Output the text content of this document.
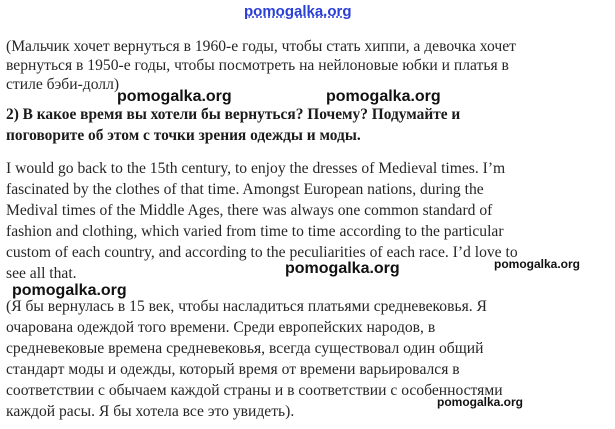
pomogalka.org
(Мальчик хочет вернуться в 1960-е годы, чтобы стать хиппи, а девочка хочет
вернуться в 1950-е годы, чтобы посмотреть на нейлоновые юбки и платья в
стиле бэби-долл)
2) В какое время вы хотели бы вернуться? Почему? Подумайте и
поговорите об этом с точки зрения одежды и моды.
I would go back to the 15th century, to enjoy the dresses of Medieval times. I’m
fascinated by the clothes of that time. Amongst European nations, during the
Medival times of the Middle Ages, there was always one common standard of
fashion and clothing, which varied from time to time according to the particular
custom of each country, and according to the peculiarities of each race. I’d love to
see all that.
(Я бы вернулась в 15 век, чтобы насладиться платьями средневековья. Я
очарована одеждой того времени. Среди европейских народов, в
средневековые времена средневековья, всегда существовал один общий
стандарт моды и одежды, который время от времени варьировался в
соответствии с обычаем каждой страны и в соответствии с особенностями
каждой расы. Я бы хотела все это увидеть).
pomogalka.org	pomogalka.org
pomogalka.org	pomogalka.org
pomogalka.org
pomogalka.org
